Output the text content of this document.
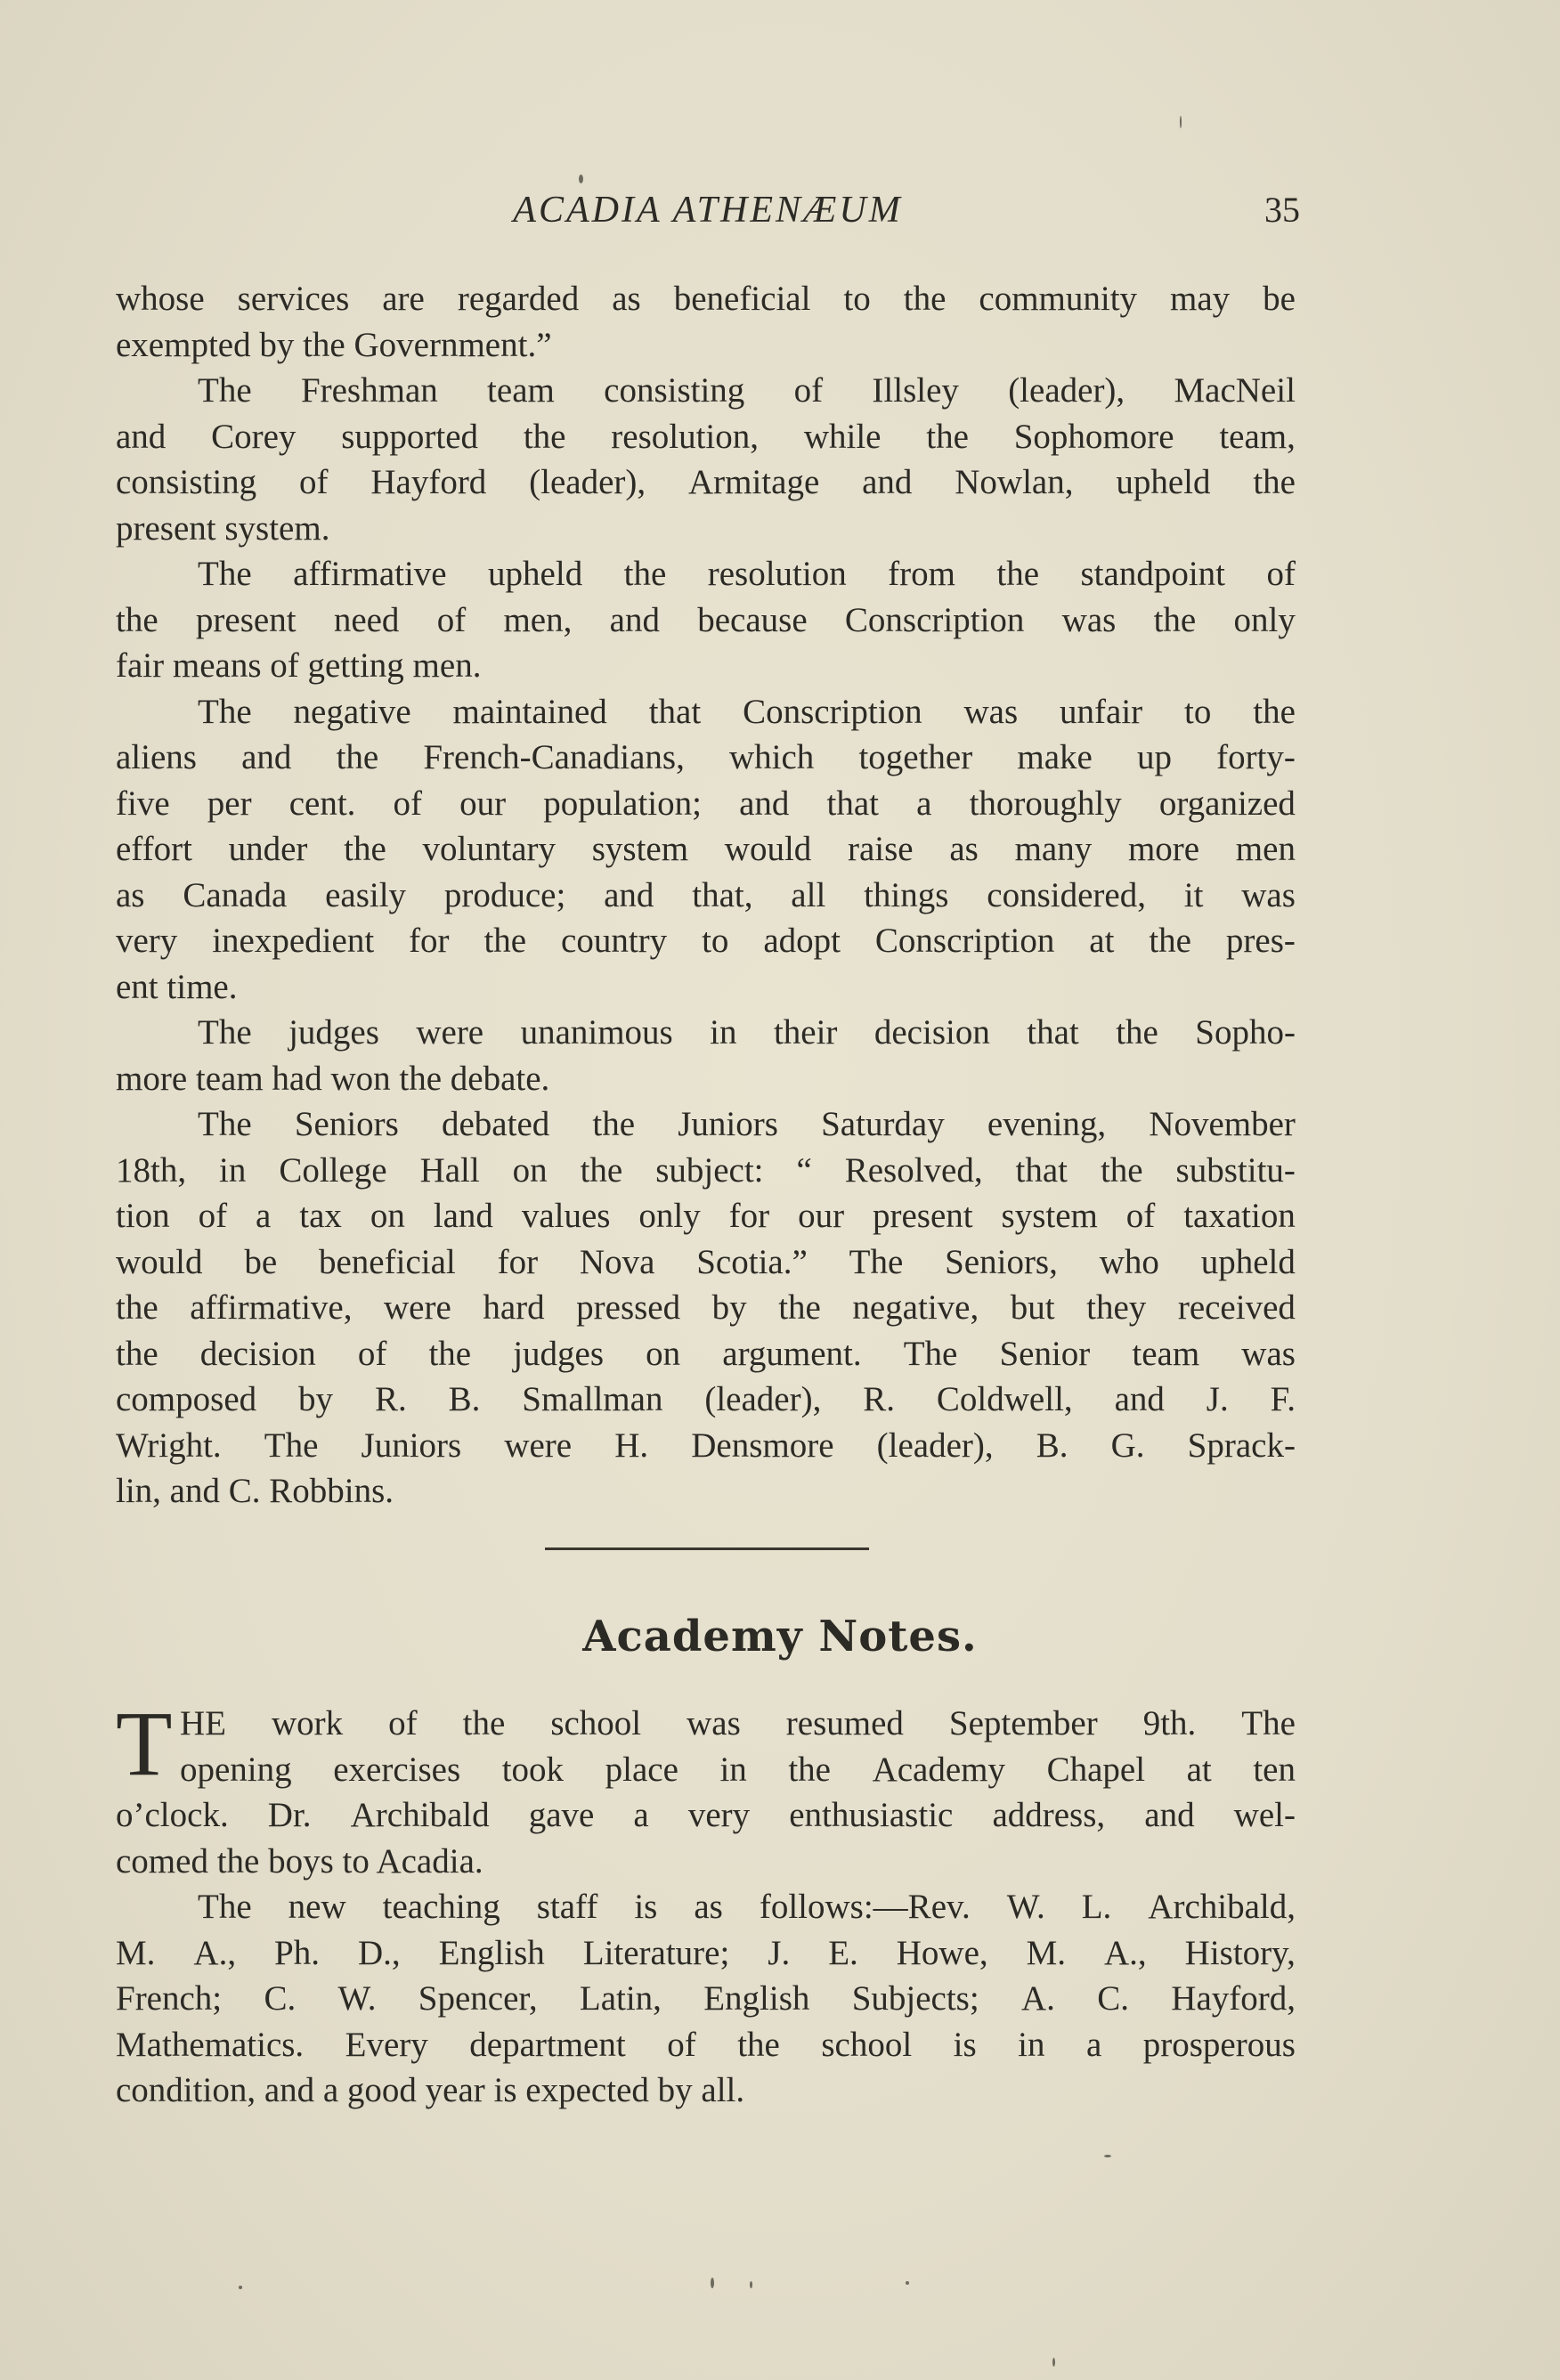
ACADIA ATHENÆUM	35
whose services are regarded as beneficial to the community may be
exempted by the Government.”
The Freshman team consisting of Illsley (leader), MacNeil
and Corey supported the resolution, while the Sophomore team,
consisting of Hayford (leader), Armitage and Nowlan, upheld the
present system.
The affirmative upheld the resolution from the standpoint of
the present need of men, and because Conscription was the only
fair means of getting men.
The negative maintained that Conscription was unfair to the
aliens and the French-Canadians, which together make up forty-
five per cent. of our population; and that a thoroughly organized
effort under the voluntary system would raise as many more men
as Canada easily produce; and that, all things considered, it was
very inexpedient for the country to adopt Conscription at the pres-
ent time.
The judges were unanimous in their decision that the Sopho-
more team had won the debate.
The Seniors debated the Juniors Saturday evening, November
18th, in College Hall on the subject: “ Resolved, that the substitu-
tion of a tax on land values only for our present system of taxation
would be beneficial for Nova Scotia.” The Seniors, who upheld
the affirmative, were hard pressed by the negative, but they received
the decision of the judges on argument. The Senior team was
composed by R. B. Smallman (leader), R. Coldwell, and J. F.
Wright. The Juniors were H. Densmore (leader), B. G. Sprack-
lin, and C. Robbins.
Academy Notes.
T HE work of the school was resumed September 9th. The
opening exercises took place in the Academy Chapel at ten
o’clock. Dr. Archibald gave a very enthusiastic address, and wel-
comed the boys to Acadia.
The new teaching staff is as follows:—Rev. W. L. Archibald,
M. A., Ph. D., English Literature; J. E. Howe, M. A., History,
French; C. W. Spencer, Latin, English Subjects; A. C. Hayford,
Mathematics. Every department of the school is in a prosperous
condition, and a good year is expected by all.
